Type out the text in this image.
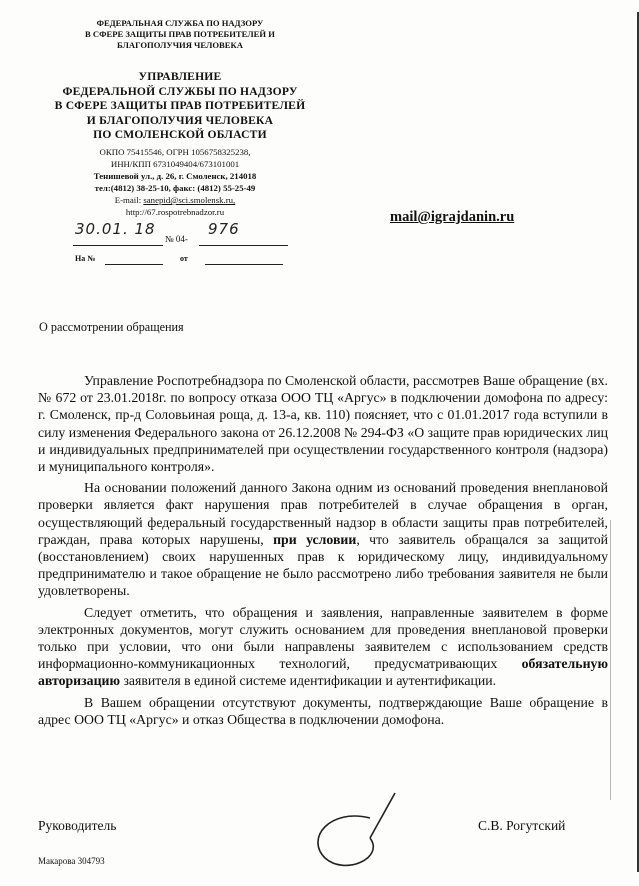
ФЕДЕРАЛЬНАЯ СЛУЖБА ПО НАДЗОРУ
В СФЕРЕ ЗАЩИТЫ ПРАВ ПОТРЕБИТЕЛЕЙ И
БЛАГОПОЛУЧИЯ ЧЕЛОВЕКА
УПРАВЛЕНИЕ
ФЕДЕРАЛЬНОЙ СЛУЖБЫ ПО НАДЗОРУ
В СФЕРЕ ЗАЩИТЫ ПРАВ ПОТРЕБИТЕЛЕЙ
И БЛАГОПОЛУЧИЯ ЧЕЛОВЕКА
ПО СМОЛЕНСКОЙ ОБЛАСТИ
ОКПО 75415546, ОГРН 1056758325238,
ИНН/КПП 6731049404/673101001
Тенишевой ул., д. 26, г. Смоленск, 214018
тел:(4812) 38-25-10, факс: (4812) 55-25-49
E-mail: sanepid@sci.smolensk.ru,
http://67.rospotrebnadzor.ru
30.01. 18
№ 04-
976
На №	от
mail@igrajdanin.ru
О рассмотрении обращения

Управление Роспотребнадзора по Смоленской области, рассмотрев Ваше обращение (вх. № 672 от 23.01.2018г. по вопросу отказа ООО ТЦ «Аргус» в подключении домофона по адресу: г. Смоленск, пр-д Соловьиная роща, д. 13-а, кв. 110) поясняет, что с 01.01.2017 года вступили в силу изменения Федерального закона от 26.12.2008 № 294-ФЗ «О защите прав юридических лиц и индивидуальных предпринимателей при осуществлении государственного контроля (надзора) и муниципального контроля».

На основании положений данного Закона одним из оснований проведения внеплановой проверки является факт нарушения прав потребителей в случае обращения в орган, осуществляющий федеральный государственный надзор в области защиты прав потребителей, граждан, права которых нарушены, при условии, что заявитель обращался за защитой (восстановлением) своих нарушенных прав к юридическому лицу, индивидуальному предпринимателю и такое обращение не было рассмотрено либо требования заявителя не были удовлетворены.

Следует отметить, что обращения и заявления, направленные заявителем в форме электронных документов, могут служить основанием для проведения внеплановой проверки только при условии, что они были направлены заявителем с использованием средств информационно-коммуникационных технологий, предусматривающих обязательную авторизацию заявителя в единой системе идентификации и аутентификации.

В Вашем обращении отсутствуют документы, подтверждающие Ваше обращение в адрес ООО ТЦ «Аргус» и отказ Общества в подключении домофона.

Руководитель	С.В. Рогутский
Макарова 304793
